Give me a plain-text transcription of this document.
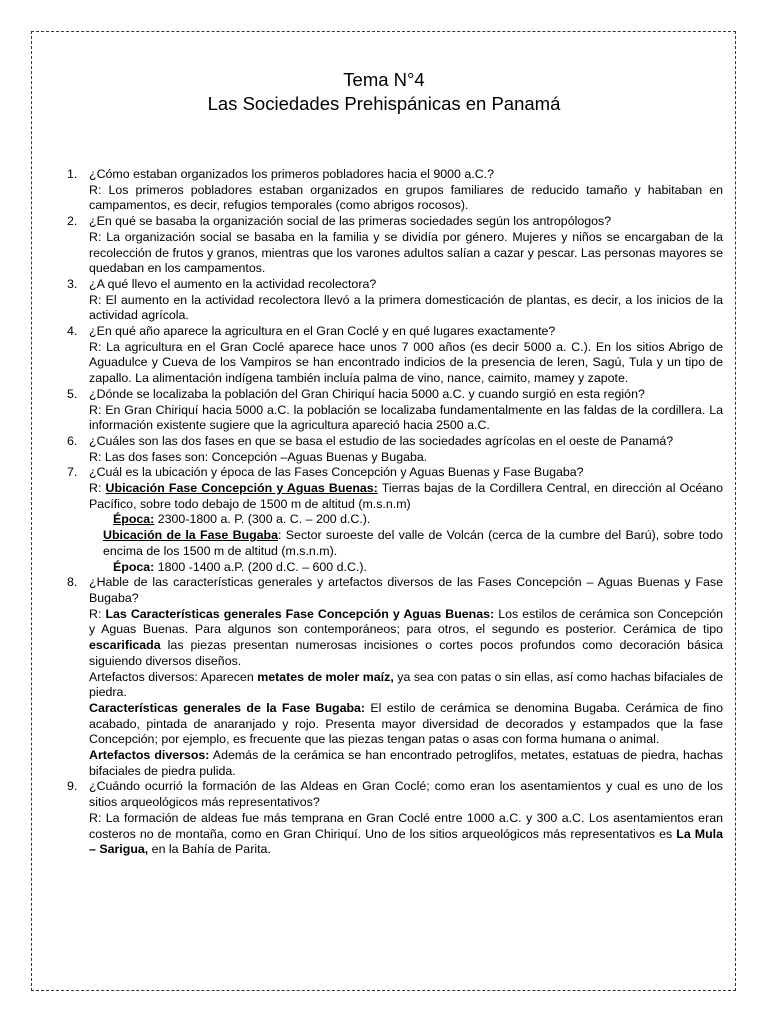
Tema N°4
Las Sociedades Prehispánicas en Panamá
1. ¿Cómo estaban organizados los primeros pobladores hacia el 9000 a.C.?

R: Los primeros pobladores estaban organizados en grupos familiares de reducido tamaño y habitaban en campamentos, es decir, refugios temporales (como abrigos rocosos).

2. ¿En qué se basaba la organización social de las primeras sociedades según los antropólogos?

R: La organización social se basaba en la familia y se dividía por género. Mujeres y niños se encargaban de la recolección de frutos y granos, mientras que los varones adultos salían a cazar y pescar. Las personas mayores se quedaban en los campamentos.

3. ¿A qué llevo el aumento en la actividad recolectora?

R: El aumento en la actividad recolectora llevó a la primera domesticación de plantas, es decir, a los inicios de la actividad agrícola.

4. ¿En qué año aparece la agricultura en el Gran Coclé y en qué lugares exactamente?

R: La agricultura en el Gran Coclé aparece hace unos 7 000 años (es decir 5000 a. C.). En los sitios Abrigo de Aguadulce y Cueva de los Vampiros se han encontrado indicios de la presencia de leren, Sagú, Tula y un tipo de zapallo. La alimentación indígena también incluía palma de vino, nance, caimito, mamey y zapote.

5. ¿Dónde se localizaba la población del Gran Chiriquí hacia 5000 a.C. y cuando surgió en esta región?

R: En Gran Chiriquí hacia 5000 a.C. la población se localizaba fundamentalmente en las faldas de la cordillera. La información existente sugiere que la agricultura apareció hacia 2500 a.C.

6. ¿Cuáles son las dos fases en que se basa el estudio de las sociedades agrícolas en el oeste de Panamá?

R: Las dos fases son: Concepción –Aguas Buenas y Bugaba.

7. ¿Cuál es la ubicación y época de las Fases Concepción y Aguas Buenas y Fase Bugaba?

R: Ubicación Fase Concepción y Aguas Buenas: Tierras bajas de la Cordillera Central, en dirección al Océano Pacífico, sobre todo debajo de 1500 m de altitud (m.s.n.m)

Época: 2300-1800 a. P. (300 a. C. – 200 d.C.).

Ubicación de la Fase Bugaba: Sector suroeste del valle de Volcán (cerca de la cumbre del Barú), sobre todo encima de los 1500 m de altitud (m.s.n.m).

Época: 1800 -1400 a.P. (200 d.C. – 600 d.C.).

8. ¿Hable de las características generales y artefactos diversos de las Fases Concepción – Aguas Buenas y Fase Bugaba?

R: Las Características generales Fase Concepción y Aguas Buenas: Los estilos de cerámica son Concepción y Aguas Buenas. Para algunos son contemporáneos; para otros, el segundo es posterior. Cerámica de tipo escarificada las piezas presentan numerosas incisiones o cortes pocos profundos como decoración básica siguiendo diversos diseños.

Artefactos diversos: Aparecen metates de moler maíz, ya sea con patas o sin ellas, así como hachas bifaciales de piedra.

Características generales de la Fase Bugaba: El estilo de cerámica se denomina Bugaba. Cerámica de fino acabado, pintada de anaranjado y rojo. Presenta mayor diversidad de decorados y estampados que la fase Concepción; por ejemplo, es frecuente que las piezas tengan patas o asas con forma humana o animal.

Artefactos diversos: Además de la cerámica se han encontrado petroglifos, metates, estatuas de piedra, hachas bifaciales de piedra pulida.

9. ¿Cuándo ocurrió la formación de las Aldeas en Gran Coclé; como eran los asentamientos y cual es uno de los sitios arqueológicos más representativos?

R: La formación de aldeas fue más temprana en Gran Coclé entre 1000 a.C. y 300 a.C. Los asentamientos eran costeros no de montaña, como en Gran Chiriquí. Uno de los sitios arqueológicos más representativos es La Mula – Sarigua, en la Bahía de Parita.
